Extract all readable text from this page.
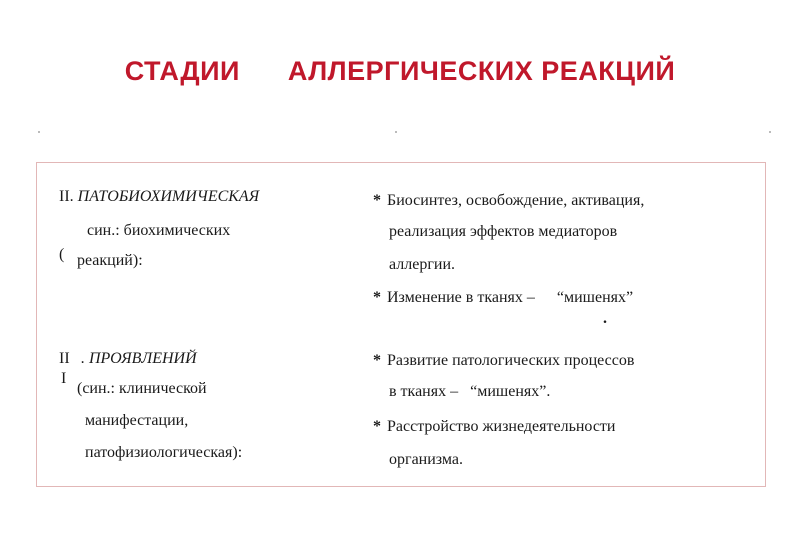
СТАДИИ АЛЛЕРГИЧЕСКИХ РЕАКЦИЙ
II. ПАТОБИОХИМИЧЕСКАЯ
син.: биохимических
( реакций):
* Биосинтез, освобождение, активация,
реализация эффектов медиаторов
аллергии.
* Изменение в тканях – “мишенях”
.
II
I
. ПРОЯВЛЕНИЙ
(син.: клинической
манифестации,
патофизиологическая):
* Развитие патологических процессов
в тканях –   “мишенях”.
* Расстройство жизнедеятельности
организма.
